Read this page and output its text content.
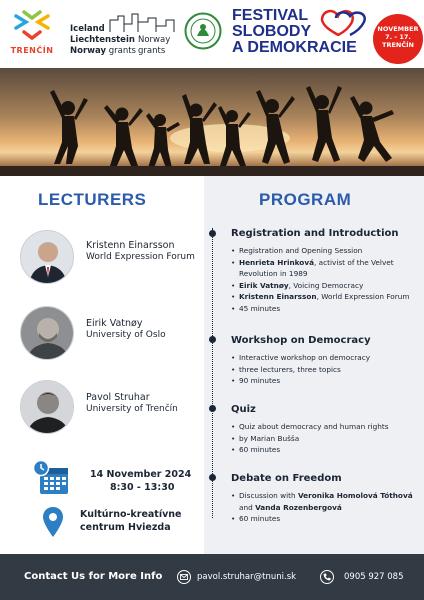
TRENČÍN
Iceland
Liechtenstein
Norway grants
Norway
grants
FESTIVAL
SLOBODY
A DEMOKRACIE
NOVEMBER
7. - 17.
TRENČÍN
LECTURERS
Kristenn Einarsson
World Expression Forum
Eirik Vatnøy
University of Oslo
Pavol Struhar
University of Trenčín
14 November 2024
8:30 - 13:30
Kultúrno-kreatívne
centrum Hviezda
PROGRAM
Registration and Introduction
• Registration and Opening Session
• Henrieta Hrinková, activist of the Velvet Revolution in 1989
• Eirik Vatnøy, Voicing Democracy
• Kristenn Einarsson, World Expression Forum
• 45 minutes
Workshop on Democracy
• Interactive workshop on democracy
• three lecturers, three topics
• 90 minutes
Quiz
• Quiz about democracy and human rights
• by Marian Bušša
• 60 minutes
Debate on Freedom
• Discussion with Veronika Homolová Tóthová
and Vanda Rozenbergová
• 60 minutes
Contact Us for More Info	pavol.struhar@tnuni.sk	0905 927 085
